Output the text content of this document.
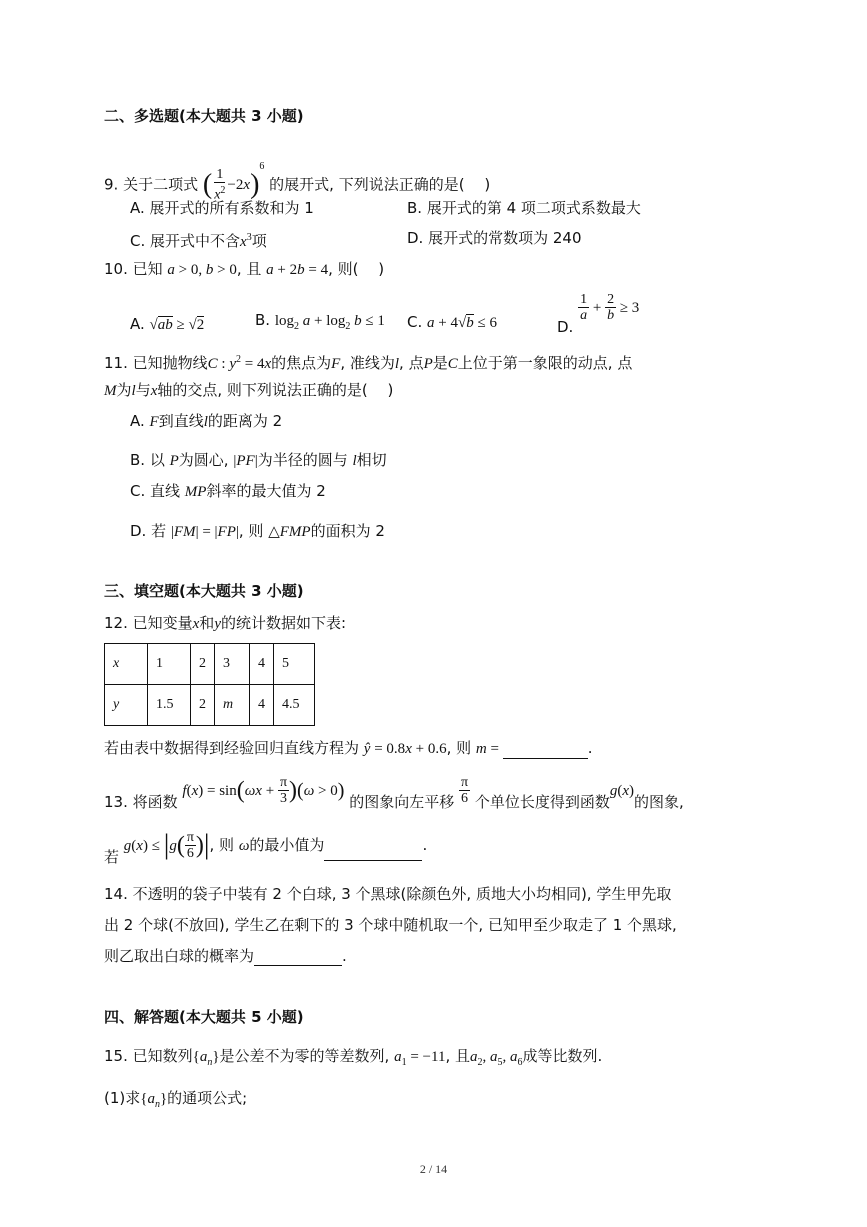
二、多选题(本大题共 3 小题)
9. 关于二项式 ( $\frac{1}{x^2} -2x)^6$ 的展开式, 下列说法正确的是(　 )
A. 展开式的所有系数和为 1	B. 展开式的第 4 项二项式系数最大
C. 展开式中不含$x^3$项	D. 展开式的常数项为 240
10. 已知 a > 0, b > 0, 且 a + 2b = 4, 则(　 )
A. √ab ≥ √2	B. $\log_2 a + \log_2 b \le 1$ C. a + 4√b ≤ 6	D.
$\frac{1}{a} + \frac{2}{b} \ge 3$
11. 已知抛物线C : $y^2 = 4x$的焦点为F, 准线为l, 点P是C上位于第一象限的动点, 点
M为l与x轴的交点, 则下列说法正确的是(　 )
A. F到直线l的距离为 2
B. 以 P为圆心, |PF|为半径的圆与 l相切
C. 直线 MP斜率的最大值为 2
D. 若 |FM| = |FP|, 则 △FMP的面积为 2
三、填空题(本大题共 3 小题)
12. 已知变量x和y的统计数据如下表:
x	1	2	3	4	5
y	1.5	2	m	4	4.5
若由表中数据得到经验回归直线方程为 ŷ = 0.8x + 0.6, 则 m =	.
13. 将函数 $f(x) = \sin(\omega x + \frac{\pi}{3} )(\omega > 0)$ 的图象向左平移 $\frac{\pi}{6}$ 个单位长度得到函数g(x)的图象,
若 $g(x) \le |g( \frac{\pi}{6}$ )|, 则 ω的最小值为	.
14. 不透明的袋子中装有 2 个白球, 3 个黑球(除颜色外, 质地大小均相同), 学生甲先取
出 2 个球(不放回), 学生乙在剩下的 3 个球中随机取一个, 已知甲至少取走了 1 个黑球,
则乙取出白球的概率为	.
四、解答题(本大题共 5 小题)
15. 已知数列$\{a_n\}$是公差不为零的等差数列, $a_1 = -11$, 且$a_2$, $a_5$, $a_6$成等比数列.
(1)求$\{a_n\}$的通项公式;
2 / 14
